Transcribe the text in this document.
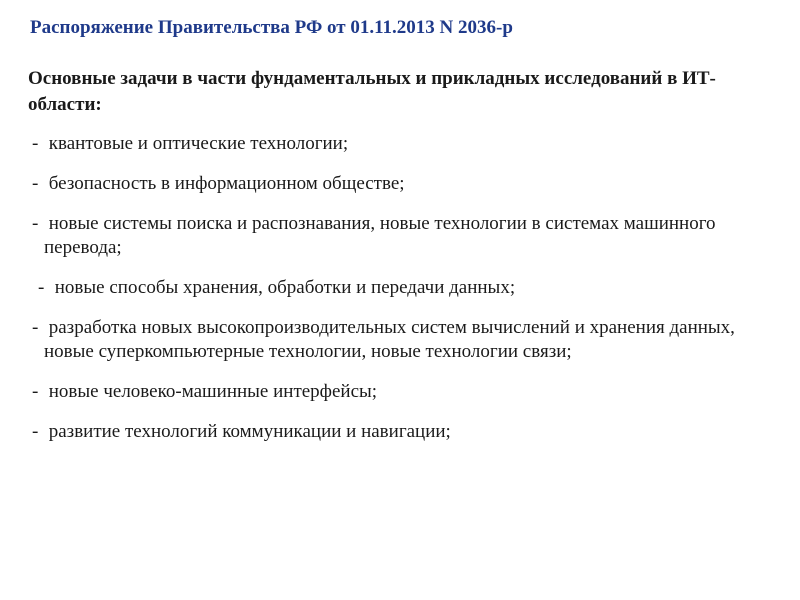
Распоряжение Правительства РФ от 01.11.2013 N 2036-р
Основные задачи в части фундаментальных и прикладных исследований в ИТ-области:
- квантовые и оптические технологии;
- безопасность в информационном обществе;
- новые системы поиска и распознавания, новые технологии в системах машинного перевода;
- новые способы хранения, обработки и передачи данных;
- разработка новых высокопроизводительных систем вычислений и хранения данных, новые суперкомпьютерные технологии, новые технологии связи;
- новые человеко-машинные интерфейсы;
- развитие технологий коммуникации и навигации;
